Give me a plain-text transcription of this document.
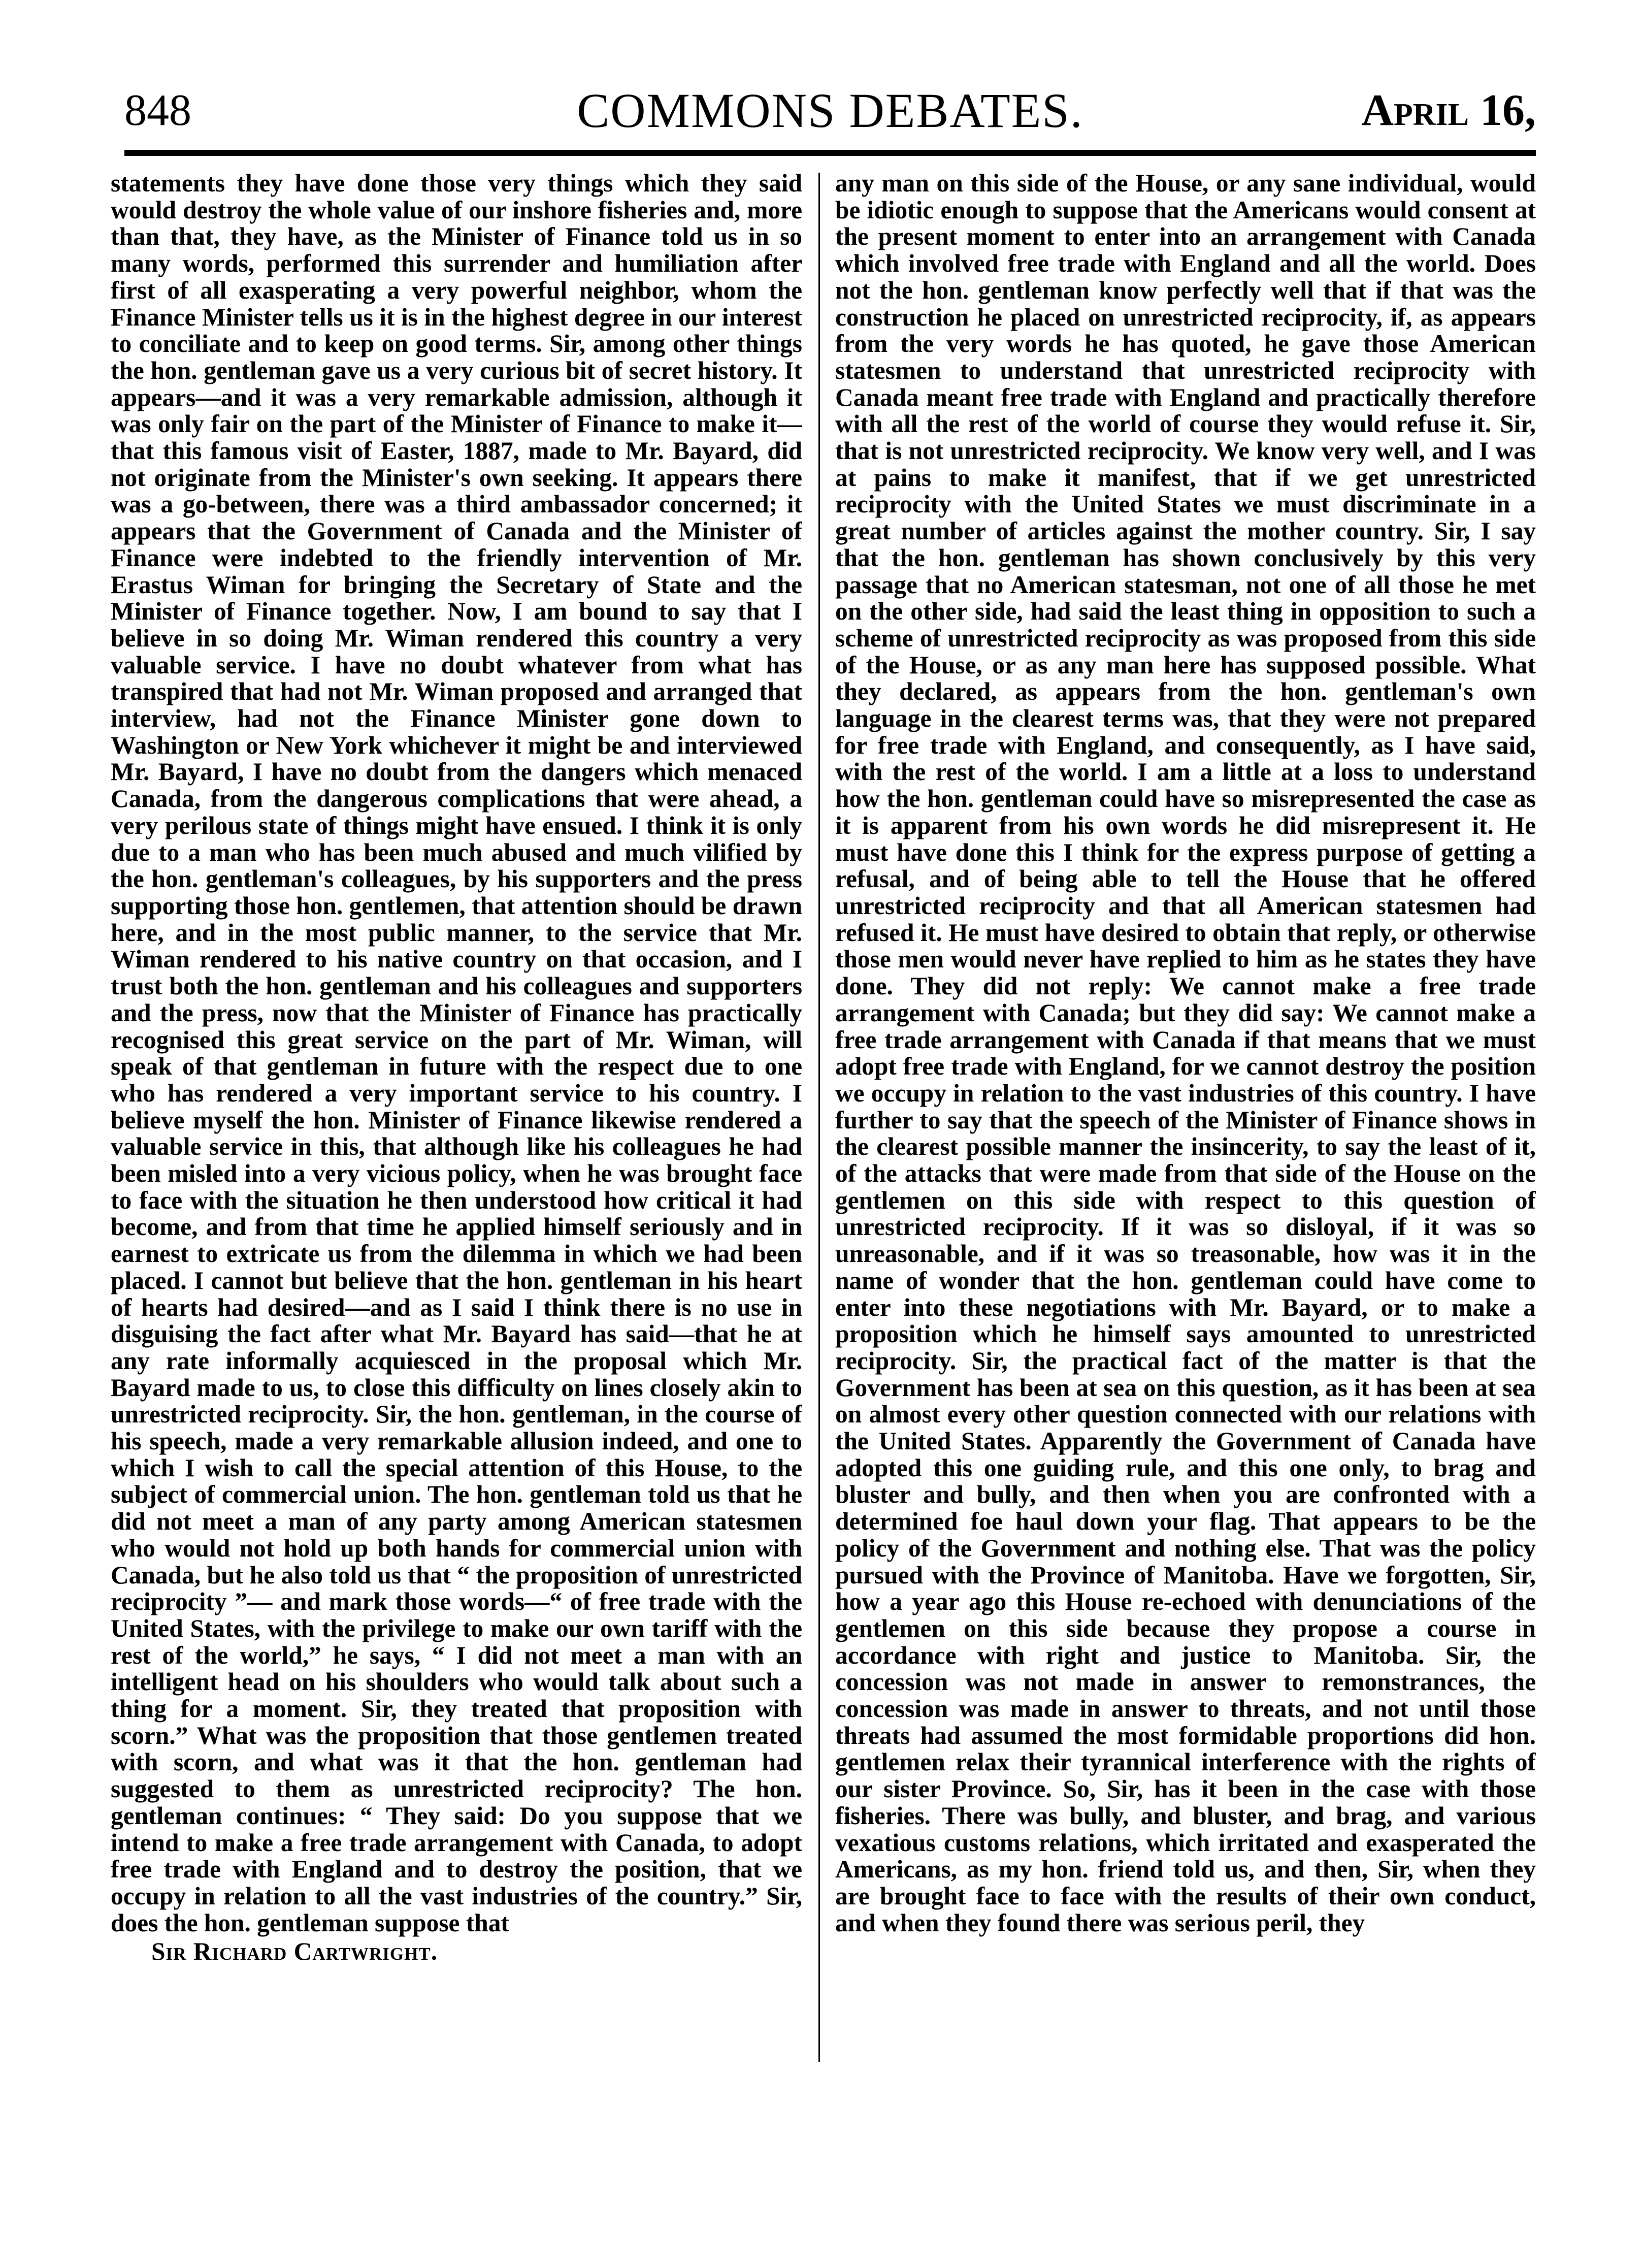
848	COMMONS DEBATES.	April 16,

statements they have done those very things which they said would destroy the whole value of our inshore fisheries and, more than that, they have, as the Minister of Finance told us in so many words, performed this surrender and humiliation after first of all exasperating a very powerful neighbor, whom the Finance Minister tells us it is in the highest degree in our interest to conciliate and to keep on good terms. Sir, among other things the hon. gentleman gave us a very curious bit of secret history. It appears—and it was a very remarkable admission, although it was only fair on the part of the Minister of Finance to make it—that this famous visit of Easter, 1887, made to Mr. Bayard, did not originate from the Minister's own seeking. It appears there was a go-between, there was a third ambassador concerned; it appears that the Government of Canada and the Minister of Finance were indebted to the friendly intervention of Mr. Erastus Wiman for bringing the Secretary of State and the Minister of Finance together. Now, I am bound to say that I believe in so doing Mr. Wiman rendered this country a very valuable service. I have no doubt whatever from what has transpired that had not Mr. Wiman proposed and arranged that interview, had not the Finance Minister gone down to Washington or New York whichever it might be and interviewed Mr. Bayard, I have no doubt from the dangers which menaced Canada, from the dangerous complications that were ahead, a very perilous state of things might have ensued. I think it is only due to a man who has been much abused and much vilified by the hon. gentleman's colleagues, by his supporters and the press supporting those hon. gentlemen, that attention should be drawn here, and in the most public manner, to the service that Mr. Wiman rendered to his native country on that occasion, and I trust both the hon. gentleman and his colleagues and supporters and the press, now that the Minister of Finance has practically recognised this great service on the part of Mr. Wiman, will speak of that gentleman in future with the respect due to one who has rendered a very important service to his country. I believe myself the hon. Minister of Finance likewise rendered a valuable service in this, that although like his colleagues he had been misled into a very vicious policy, when he was brought face to face with the situation he then understood how critical it had become, and from that time he applied himself seriously and in earnest to extricate us from the dilemma in which we had been placed. I cannot but believe that the hon. gentleman in his heart of hearts had desired—and as I said I think there is no use in disguising the fact after what Mr. Bayard has said—that he at any rate informally acquiesced in the proposal which Mr. Bayard made to us, to close this difficulty on lines closely akin to unrestricted reciprocity. Sir, the hon. gentleman, in the course of his speech, made a very remarkable allusion indeed, and one to which I wish to call the special attention of this House, to the subject of commercial union. The hon. gentleman told us that he did not meet a man of any party among American statesmen who would not hold up both hands for commercial union with Canada, but he also told us that “ the proposition of unrestricted reciprocity ”— and mark those words—“ of free trade with the United States, with the privilege to make our own tariff with the rest of the world,” he says, “ I did not meet a man with an intelligent head on his shoulders who would talk about such a thing for a moment. Sir, they treated that proposition with scorn.” What was the proposition that those gentlemen treated with scorn, and what was it that the hon. gentleman had suggested to them as unrestricted reciprocity? The hon. gentleman continues: “ They said: Do you suppose that we intend to make a free trade arrangement with Canada, to adopt free trade with England and to destroy the position, that we occupy in relation to all the vast industries of the country.” Sir, does the hon. gentleman suppose that

Sir Richard Cartwright.

any man on this side of the House, or any sane individual, would be idiotic enough to suppose that the Americans would consent at the present moment to enter into an arrangement with Canada which involved free trade with England and all the world. Does not the hon. gentleman know perfectly well that if that was the construction he placed on unrestricted reciprocity, if, as appears from the very words he has quoted, he gave those American statesmen to understand that unrestricted reciprocity with Canada meant free trade with England and practically therefore with all the rest of the world of course they would refuse it. Sir, that is not unrestricted reciprocity. We know very well, and I was at pains to make it manifest, that if we get unrestricted reciprocity with the United States we must discriminate in a great number of articles against the mother country. Sir, I say that the hon. gentleman has shown conclusively by this very passage that no American statesman, not one of all those he met on the other side, had said the least thing in opposition to such a scheme of unrestricted reciprocity as was proposed from this side of the House, or as any man here has supposed possible. What they declared, as appears from the hon. gentleman's own language in the clearest terms was, that they were not prepared for free trade with England, and consequently, as I have said, with the rest of the world. I am a little at a loss to understand how the hon. gentleman could have so misrepresented the case as it is apparent from his own words he did misrepresent it. He must have done this I think for the express purpose of getting a refusal, and of being able to tell the House that he offered unrestricted reciprocity and that all American statesmen had refused it. He must have desired to obtain that reply, or otherwise those men would never have replied to him as he states they have done. They did not reply: We cannot make a free trade arrangement with Canada; but they did say: We cannot make a free trade arrangement with Canada if that means that we must adopt free trade with England, for we cannot destroy the position we occupy in relation to the vast industries of this country. I have further to say that the speech of the Minister of Finance shows in the clearest possible manner the insincerity, to say the least of it, of the attacks that were made from that side of the House on the gentlemen on this side with respect to this question of unrestricted reciprocity. If it was so disloyal, if it was so unreasonable, and if it was so treasonable, how was it in the name of wonder that the hon. gentleman could have come to enter into these negotiations with Mr. Bayard, or to make a proposition which he himself says amounted to unrestricted reciprocity. Sir, the practical fact of the matter is that the Government has been at sea on this question, as it has been at sea on almost every other question connected with our relations with the United States. Apparently the Government of Canada have adopted this one guiding rule, and this one only, to brag and bluster and bully, and then when you are confronted with a determined foe haul down your flag. That appears to be the policy of the Government and nothing else. That was the policy pursued with the Province of Manitoba. Have we forgotten, Sir, how a year ago this House re-echoed with denunciations of the gentlemen on this side because they propose a course in accordance with right and justice to Manitoba. Sir, the concession was not made in answer to remonstrances, the concession was made in answer to threats, and not until those threats had assumed the most formidable proportions did hon. gentlemen relax their tyrannical interference with the rights of our sister Province. So, Sir, has it been in the case with those fisheries. There was bully, and bluster, and brag, and various vexatious customs relations, which irritated and exasperated the Americans, as my hon. friend told us, and then, Sir, when they are brought face to face with the results of their own conduct, and when they found there was serious peril, they
